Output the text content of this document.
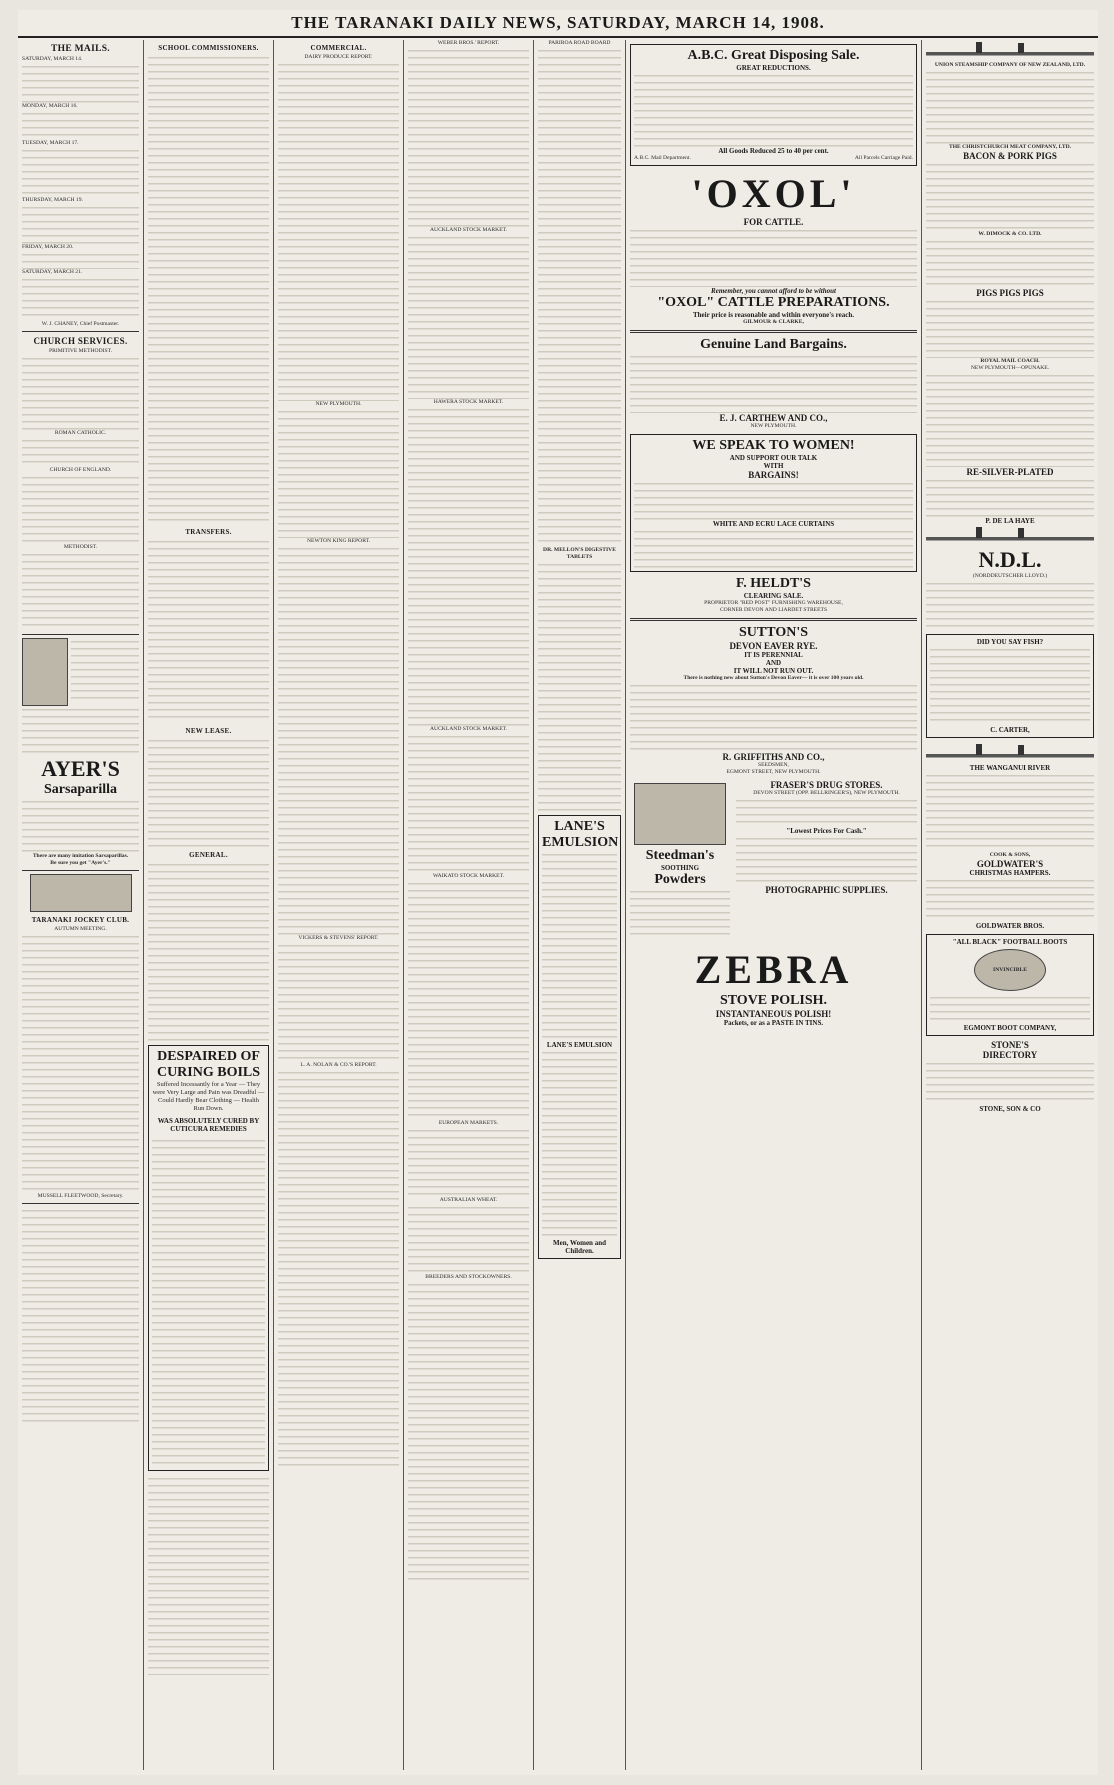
THE TARANAKI DAILY NEWS, SATURDAY, MARCH 14, 1908.
THE MAILS.
SATURDAY, MARCH 14.
MONDAY, MARCH 16.
TUESDAY, MARCH 17.
THURSDAY, MARCH 19.
FRIDAY, MARCH 20.
SATURDAY, MARCH 21.
W. J. CHANEY, Chief Postmaster.
CHURCH SERVICES.
PRIMITIVE METHODIST.
ROMAN CATHOLIC.
CHURCH OF ENGLAND.
METHODIST.
AYER'S
Sarsaparilla
There are many imitation Sarsaparillas.
Be sure you get "Ayer's."
TARANAKI JOCKEY CLUB.
AUTUMN MEETING.
MUSSELL FLEETWOOD, Secretary.
SCHOOL COMMISSIONERS.
TRANSFERS.
NEW LEASE.
GENERAL.
DESPAIRED OF CURING BOILS
Suffered Incessantly for a Year — They were Very Large and Pain was Dreadful — Could Hardly Bear Clothing — Health Run Down.
WAS ABSOLUTELY CURED BY CUTICURA REMEDIES
COMMERCIAL.
DAIRY PRODUCE REPORT.
NEW PLYMOUTH.
NEWTON KING REPORT.
VICKERS & STEVENS' REPORT.
L. A. NOLAN & CO.'S REPORT.
WEBER BROS.' REPORT.
AUCKLAND STOCK MARKET.
HAWERA STOCK MARKET.
AUCKLAND STOCK MARKET.
WAIKATO STOCK MARKET.
EUROPEAN MARKETS.
AUSTRALIAN WHEAT.
BREEDERS AND STOCKOWNERS.
PARIROA ROAD BOARD
DR. MELLON'S DIGESTIVE TABLETS
LANE'S EMULSION
LANE'S EMULSION
Men, Women and Children.
A.B.C. Great Disposing Sale.
GREAT REDUCTIONS.
All Goods Reduced 25 to 40 per cent.
A.B.C. Mail Department.	All Parcels Carriage Paid.
'OXOL'
FOR CATTLE.
Remember, you cannot afford to be without
"OXOL" CATTLE PREPARATIONS.
Their price is reasonable and within everyone's reach.
GILMOUR & CLARKE,
Genuine Land Bargains.
E. J. CARTHEW AND CO.,
NEW PLYMOUTH.
WE SPEAK TO WOMEN!
AND SUPPORT OUR TALK
WITH
BARGAINS!
WHITE AND ECRU LACE CURTAINS
F. HELDT'S
CLEARING SALE.
PROPRIETOR "RED POST" FURNISHING WAREHOUSE,
CORNER DEVON AND LIARDET STREETS
SUTTON'S
DEVON EAVER RYE.
IT IS PERENNIAL
AND
IT WILL NOT RUN OUT.
There is nothing new about Sutton's Devon Eaver— it is over 100 years old.
R. GRIFFITHS AND CO.,
SEEDSMEN,
EGMONT STREET, NEW PLYMOUTH.
Steedman's
SOOTHING
Powders
FRASER'S DRUG STORES.
DEVON STREET (OPP. BELLRINGER'S), NEW PLYMOUTH.
"Lowest Prices For Cash."
PHOTOGRAPHIC SUPPLIES.
ZEBRA
STOVE POLISH.
INSTANTANEOUS POLISH!
Packets, or as a PASTE IN TINS.
UNION STEAMSHIP COMPANY OF NEW ZEALAND, LTD.
THE CHRISTCHURCH MEAT COMPANY, LTD.
BACON & PORK PIGS
W. DIMOCK & CO. LTD.
PIGS PIGS PIGS
ROYAL MAIL COACH.
NEW PLYMOUTH—OPUNAKE.
RE-SILVER-PLATED
P. DE LA HAYE
N.D.L.
(NORDDEUTSCHER LLOYD.)
DID YOU SAY FISH?
C. CARTER,
THE WANGANUI RIVER
COOK & SONS,
GOLDWATER'S
CHRISTMAS HAMPERS.
GOLDWATER BROS.
"ALL BLACK" FOOTBALL BOOTS
INVINCIBLE
EGMONT BOOT COMPANY,
STONE'S
DIRECTORY
STONE, SON & CO
